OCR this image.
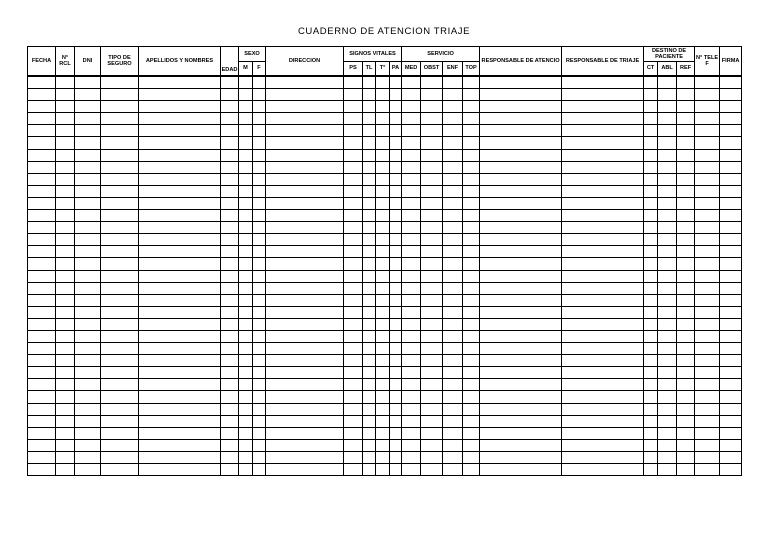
CUADERNO DE ATENCION TRIAJE
FECHA	N° RCL	DNI	TIPO DE SEGURO	APELLIDOS Y NOMBRES	EDAD	SEXO		DIRECCION	SIGNOS VITALES				SERVICIO				RESPONSABLE DE ATENCIO	RESPONSABLE DE TRIAJE	DESTINO DE PACIENTE			N° TELE F	FIRMA
						M	F		PS	TL	T°	PA	MED	OBST	ENF	TOP			CT	ABL	REF		
